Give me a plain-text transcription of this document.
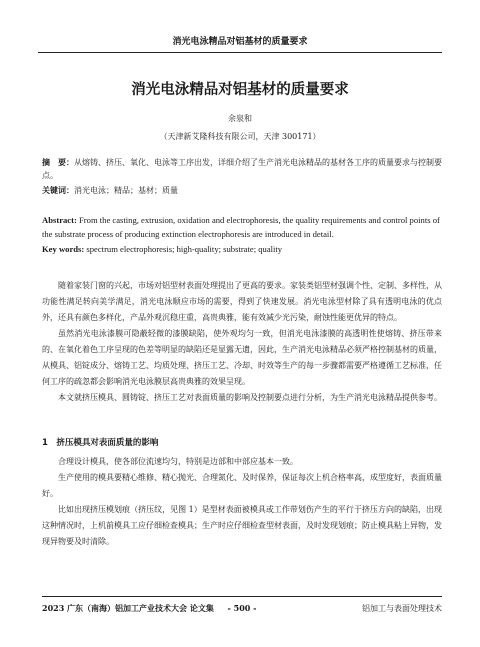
消光电泳精品对铝基材的质量要求
消光电泳精品对铝基材的质量要求
余泉和
（天津新艾隆科技有限公司，天津 300171）
摘　要：从熔铸、挤压、氧化、电泳等工序出发，详细介绍了生产消光电泳精品的基材各工序的质量要求与控制要点。
关键词：消光电泳；精品；基材；质量
Abstract: From the casting, extrusion, oxidation and electrophoresis, the quality requirements and control points of the substrate process of producing extinction electrophoresis are introduced in detail.
Key words: spectrum electrophoresis; high-quality; substrate; quality

随着家装门窗的兴起，市场对铝型材表面处理提出了更高的要求。家装类铝型材强调个性、定制、多样性，从功能性满足转向美学满足，消光电泳顺应市场的需要，得到了快速发展。消光电泳型材除了具有透明电泳的优点外，还具有颜色多样化，产品外观沉稳庄重，高贵典雅，能有效减少光污染，耐蚀性能更优异的特点。

虽然消光电泳漆膜可隐蔽轻微的漆膜缺陷，使外观均匀一致，但消光电泳漆膜的高透明性使熔铸、挤压带来的、在氧化着色工序呈现的色差等明显的缺陷还是显露无遗，因此，生产消光电泳精品必须严格控制基材的质量，从模具、铝锭成分、熔铸工艺、均质处理、挤压工艺、冷却、时效等生产的每一步骤都需要严格遵循工艺标准，任何工序的疏忽都会影响消光电泳膜层高贵典雅的效果呈现。

本文就挤压模具、圆铸锭、挤压工艺对表面质量的影响及控制要点进行分析，为生产消光电泳精品提供参考。

1　挤压模具对表面质量的影响

合理设计模具，使各部位流速均匀，特别是边部和中部应基本一致。

生产使用的模具要精心维修、精心抛光、合理氮化、及时保养，保证每次上机合格率高，成型度好，表面质量好。

比如出现挤压模划痕（挤压纹，见图 1）是型材表面被模具或工作带划伤产生的平行于挤压方向的缺陷，出现这种情况时，上机前模具工应仔细检查模具；生产时应仔细检查型材表面，及时发现划痕；防止模具粘上异物，发现异物要及时清除。

2023 广东（南海）铝加工产业技术大会 论文集	- 500 -	铝加工与表面处理技术
